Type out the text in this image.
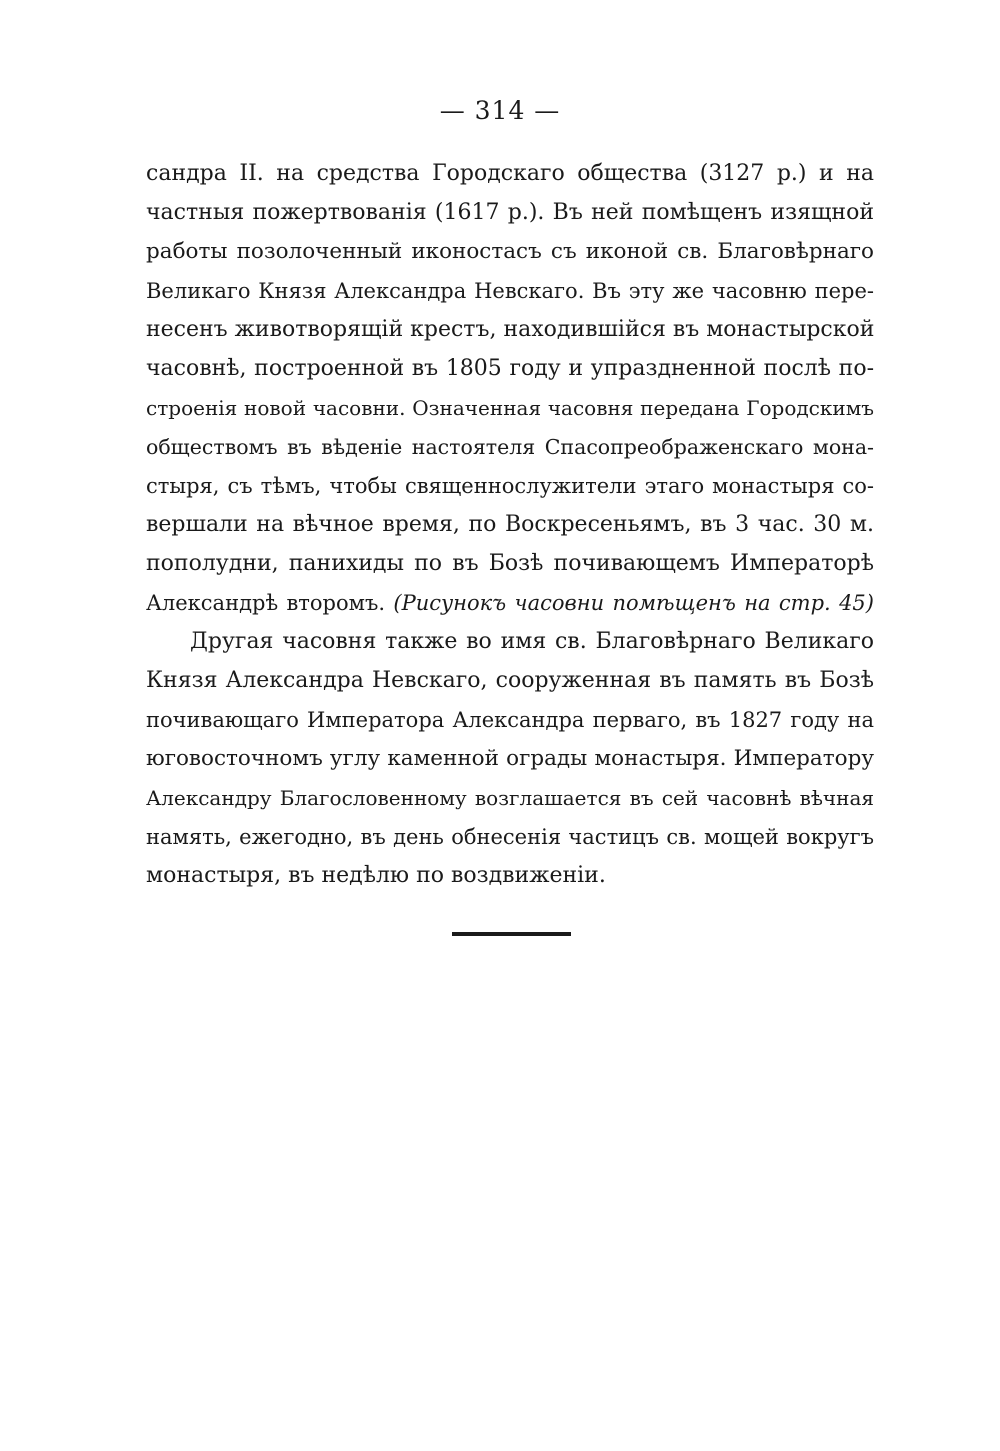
— 314 —
сандра II. на средства Городскаго общества (3127 р.) и на
частныя пожертвованія (1617 р.). Въ ней помѣщенъ изящной
работы позолоченный иконостасъ съ иконой св. Благовѣрнаго
Великаго Князя Александра Невскаго. Въ эту же часовню пере-
несенъ животворящій крестъ, находившійся въ монастырской
часовнѣ, построенной въ 1805 году и упраздненной послѣ по-
строенія новой часовни. Означенная часовня передана Городскимъ
обществомъ въ вѣденіе настоятеля Спасопреображенскаго мона-
стыря, съ тѣмъ, чтобы священнослужители этаго монастыря со-
вершали на вѣчное время, по Воскресеньямъ, въ 3 час. 30 м.
пополудни, панихиды по въ Бозѣ почивающемъ Императорѣ
Александрѣ второмъ. (Рисунокъ часовни помѣщенъ на стр. 45)
Другая часовня также во имя св. Благовѣрнаго Великаго
Князя Александра Невскаго, сооруженная въ память въ Бозѣ
почивающаго Императора Александра перваго, въ 1827 году на
юговосточномъ углу каменной ограды монастыря. Императору
Александру Благословенному возглашается въ сей часовнѣ вѣчная
намять, ежегодно, въ день обнесенія частицъ св. мощей вокругъ
монастыря, въ недѣлю по воздвиженіи.
